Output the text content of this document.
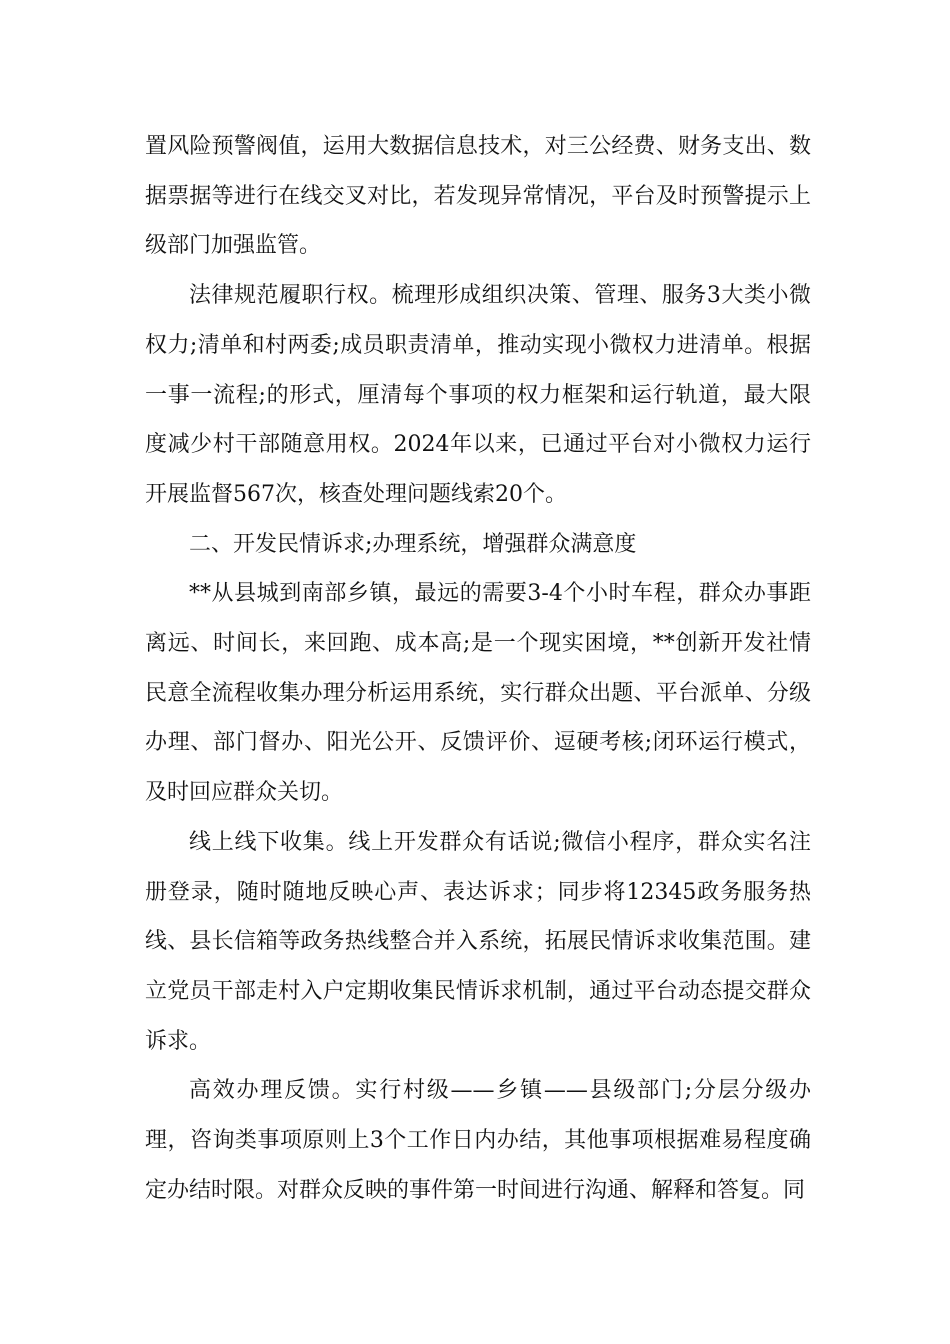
置风险预警阀值，运用大数据信息技术，对三公经费、财务支出、数据票据等进行在线交叉对比，若发现异常情况，平台及时预警提示上级部门加强监管。

法律规范履职行权。梳理形成组织决策、管理、服务3大类小微权力;清单和村两委;成员职责清单，推动实现小微权力进清单。根据一事一流程;的形式，厘清每个事项的权力框架和运行轨道，最大限度减少村干部随意用权。2024年以来，已通过平台对小微权力运行开展监督567次，核查处理问题线索20个。

二、开发民情诉求;办理系统，增强群众满意度

**从县城到南部乡镇，最远的需要3-4个小时车程，群众办事距离远、时间长，来回跑、成本高;是一个现实困境，**创新开发社情民意全流程收集办理分析运用系统，实行群众出题、平台派单、分级办理、部门督办、阳光公开、反馈评价、逗硬考核;闭环运行模式，及时回应群众关切。

线上线下收集。线上开发群众有话说;微信小程序，群众实名注册登录，随时随地反映心声、表达诉求；同步将12345政务服务热线、县长信箱等政务热线整合并入系统，拓展民情诉求收集范围。建立党员干部走村入户定期收集民情诉求机制，通过平台动态提交群众诉求。

高效办理反馈。实行村级——乡镇——县级部门;分层分级办理，咨询类事项原则上3个工作日内办结，其他事项根据难易程度确定办结时限。对群众反映的事件第一时间进行沟通、解释和答复。同
